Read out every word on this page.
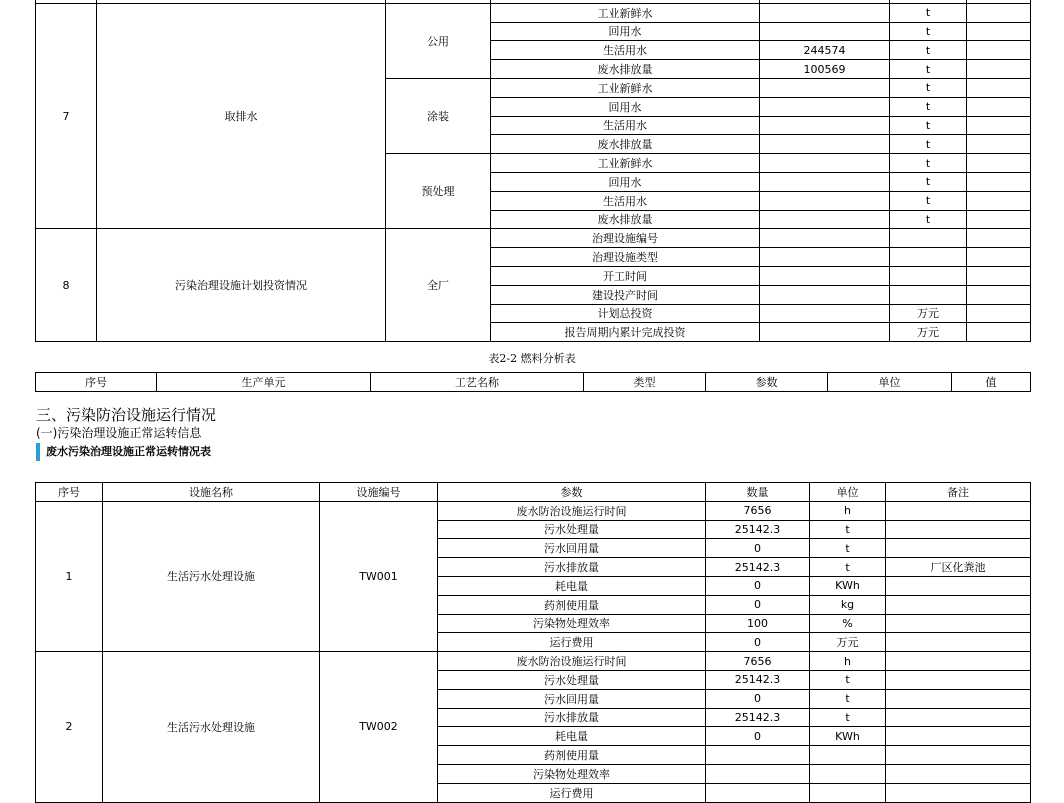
7	取排水	公用	工业新鲜水		t	
			回用水		t	
			生活用水	244574	t	
			废水排放量	100569	t	
		涂装	工业新鲜水		t	
			回用水		t	
			生活用水		t	
			废水排放量		t	
		预处理	工业新鲜水		t	
			回用水		t	
			生活用水		t	
			废水排放量		t	
8	污染治理设施计划投资情况	全厂	治理设施编号			
			治理设施类型			
			开工时间			
			建设投产时间			
			计划总投资		万元	
			报告周期内累计完成投资		万元	
表2-2 燃料分析表
序号	生产单元	工艺名称	类型	参数	单位	值
三、污染防治设施运行情况
(一)污染治理设施正常运转信息
废水污染治理设施正常运转情况表
序号	设施名称	设施编号	参数	数量	单位	备注
1	生活污水处理设施	TW001	废水防治设施运行时间	7656	h	
			污水处理量	25142.3	t	
			污水回用量	0	t	
			污水排放量	25142.3	t	厂区化粪池
			耗电量	0	KWh	
			药剂使用量	0	kg	
			污染物处理效率	100	%	
			运行费用	0	万元	
2	生活污水处理设施	TW002	废水防治设施运行时间	7656	h	
			污水处理量	25142.3	t	
			污水回用量	0	t	
			污水排放量	25142.3	t	
			耗电量	0	KWh	
			药剂使用量			
			污染物处理效率			
			运行费用			
